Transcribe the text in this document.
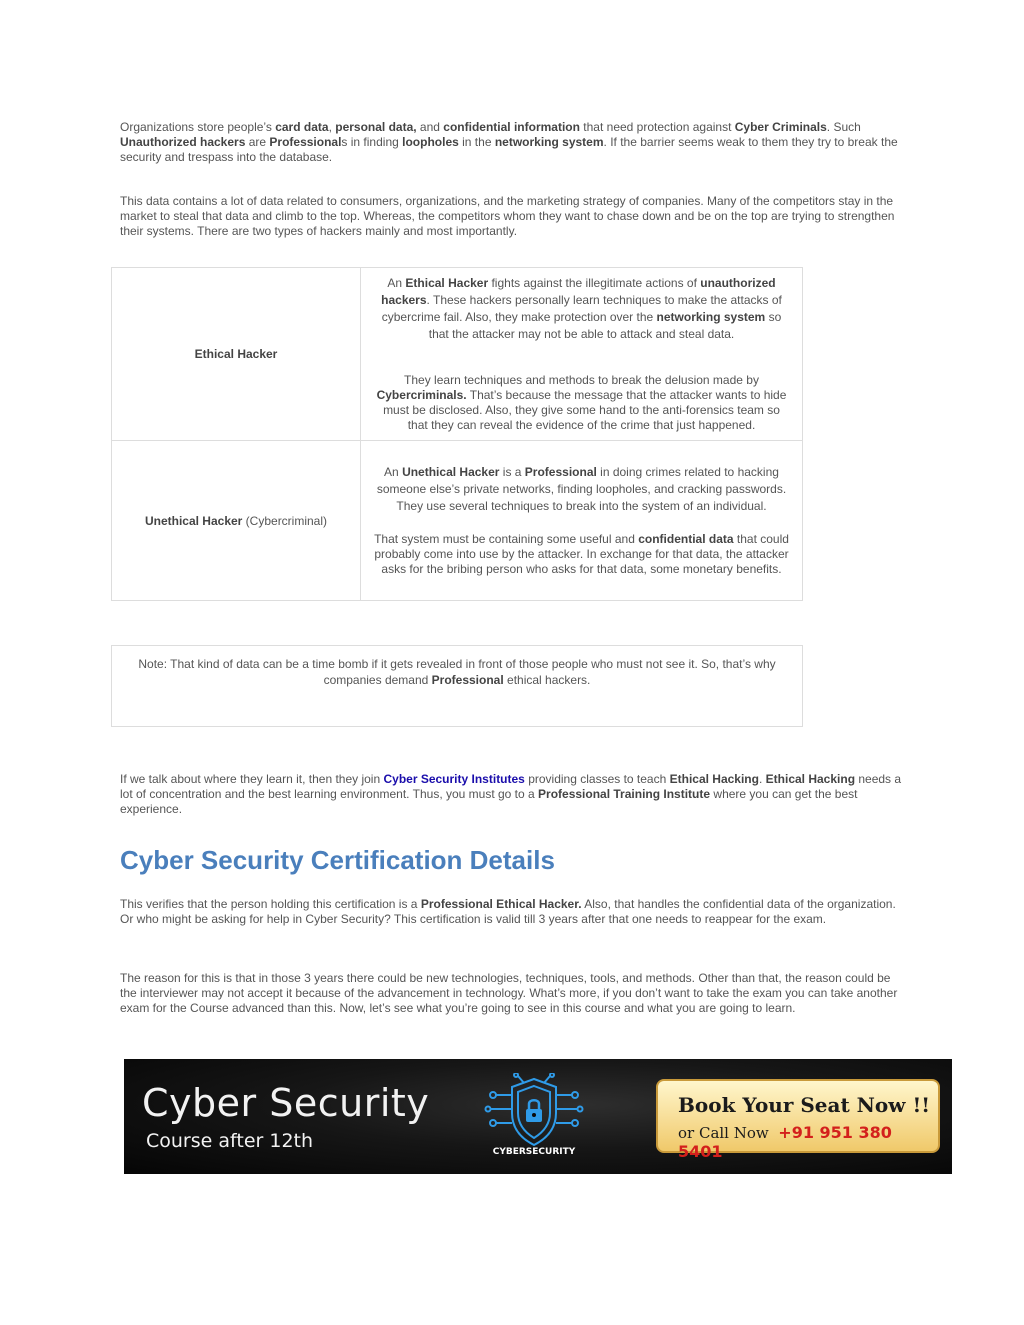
Organizations store people’s card data, personal data, and confidential information that need protection against Cyber Criminals. Such Unauthorized hackers are Professionals in finding loopholes in the networking system. If the barrier seems weak to them they try to break the security and trespass into the database.

This data contains a lot of data related to consumers, organizations, and the marketing strategy of companies. Many of the competitors stay in the market to steal that data and climb to the top. Whereas, the competitors whom they want to chase down and be on the top are trying to strengthen their systems. There are two types of hackers mainly and most importantly.

Ethical Hacker	An Ethical Hacker fights against the illegitimate actions of unauthorized hackers. These hackers personally learn techniques to make the attacks of cybercrime fail. Also, they make protection over the networking system so that the attacker may not be able to attack and steal data.

They learn techniques and methods to break the delusion made by Cybercriminals. That’s because the message that the attacker wants to hide must be disclosed. Also, they give some hand to the anti-forensics team so that they can reveal the evidence of the crime that just happened.

Unethical Hacker (Cybercriminal)	An Unethical Hacker is a Professional in doing crimes related to hacking someone else’s private networks, finding loopholes, and cracking passwords. They use several techniques to break into the system of an individual.

That system must be containing some useful and confidential data that could probably come into use by the attacker. In exchange for that data, the attacker asks for the bribing person who asks for that data, some monetary benefits.

Note: That kind of data can be a time bomb if it gets revealed in front of those people who must not see it. So, that’s why companies demand Professional ethical hackers.

If we talk about where they learn it, then they join Cyber Security Institutes providing classes to teach Ethical Hacking. Ethical Hacking needs a lot of concentration and the best learning environment. Thus, you must go to a Professional Training Institute where you can get the best experience.

Cyber Security Certification Details

This verifies that the person holding this certification is a Professional Ethical Hacker. Also, that handles the confidential data of the organization. Or who might be asking for help in Cyber Security? This certification is valid till 3 years after that one needs to reappear for the exam.

The reason for this is that in those 3 years there could be new technologies, techniques, tools, and methods. Other than that, the reason could be the interviewer may not accept it because of the advancement in technology. What’s more, if you don’t want to take the exam you can take another exam for the Course advanced than this. Now, let’s see what you’re going to see in this course and what you are going to learn.

Cyber Security
Course after 12th	CYBERSECURITY
Book Your Seat Now !!
or Call Now +91 951 380 5401
